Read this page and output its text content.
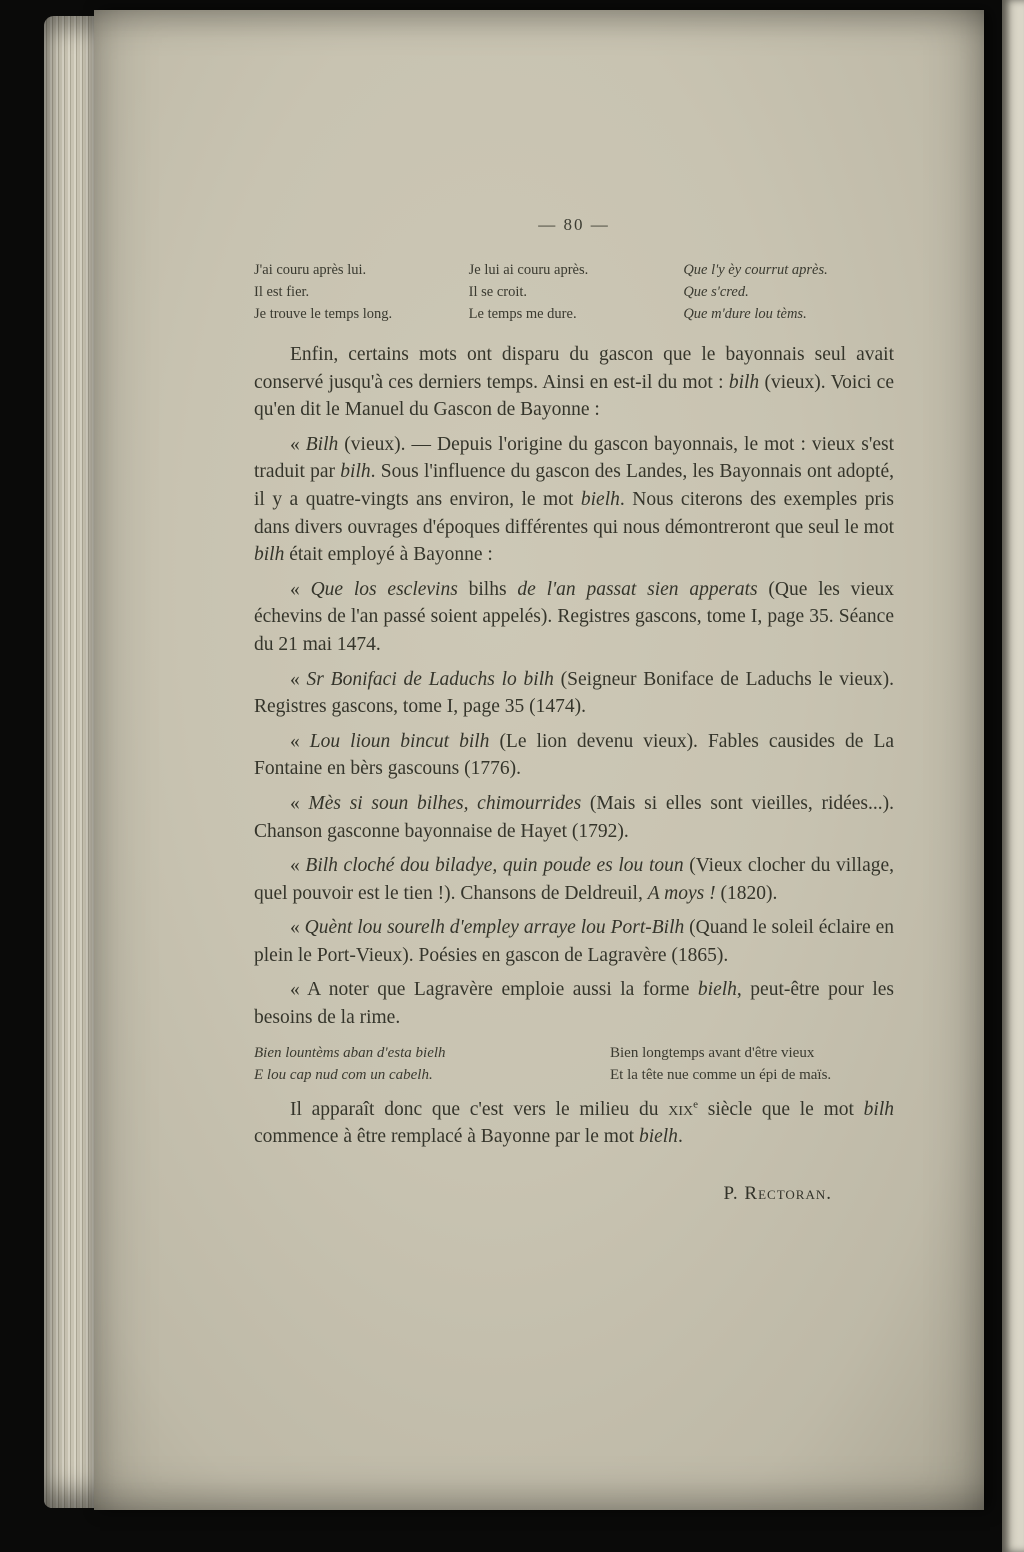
— 80 —
J'ai couru après lui.
Il est fier.
Je trouve le temps long.
Je lui ai couru après.
Il se croit.
Le temps me dure.
Que l'y èy courrut après.
Que s'cred.
Que m'dure lou tèms.

Enfin, certains mots ont disparu du gascon que le bayonnais seul avait conservé jusqu'à ces derniers temps. Ainsi en est-il du mot : bilh (vieux). Voici ce qu'en dit le Manuel du Gascon de Bayonne :

« Bilh (vieux). — Depuis l'origine du gascon bayonnais, le mot : vieux s'est traduit par bilh. Sous l'influence du gascon des Landes, les Bayonnais ont adopté, il y a quatre-vingts ans environ, le mot bielh. Nous citerons des exemples pris dans divers ouvrages d'époques différentes qui nous démontreront que seul le mot bilh était employé à Bayonne :

« Que los esclevins bilhs de l'an passat sien apperats (Que les vieux échevins de l'an passé soient appelés). Registres gascons, tome I, page 35. Séance du 21 mai 1474.

« Sr Bonifaci de Laduchs lo bilh (Seigneur Boniface de Laduchs le vieux). Registres gascons, tome I, page 35 (1474).

« Lou lioun bincut bilh (Le lion devenu vieux). Fables causides de La Fontaine en bèrs gascouns (1776).

« Mès si soun bilhes, chimourrides (Mais si elles sont vieilles, ridées...). Chanson gasconne bayonnaise de Hayet (1792).

« Bilh cloché dou biladye, quin poude es lou toun (Vieux clocher du village, quel pouvoir est le tien !). Chansons de Deldreuil, A moys ! (1820).

« Quènt lou sourelh d'empley arraye lou Port-Bilh (Quand le soleil éclaire en plein le Port-Vieux). Poésies en gascon de Lagravère (1865).

« A noter que Lagravère emploie aussi la forme bielh, peut-être pour les besoins de la rime.

Bien lountèms aban d'esta bielh
E lou cap nud com un cabelh.
Bien longtemps avant d'être vieux
Et la tête nue comme un épi de maïs.

Il apparaît donc que c'est vers le milieu du xix$^e$ siècle que le mot bilh commence à être remplacé à Bayonne par le mot bielh.

P. Rectoran.
